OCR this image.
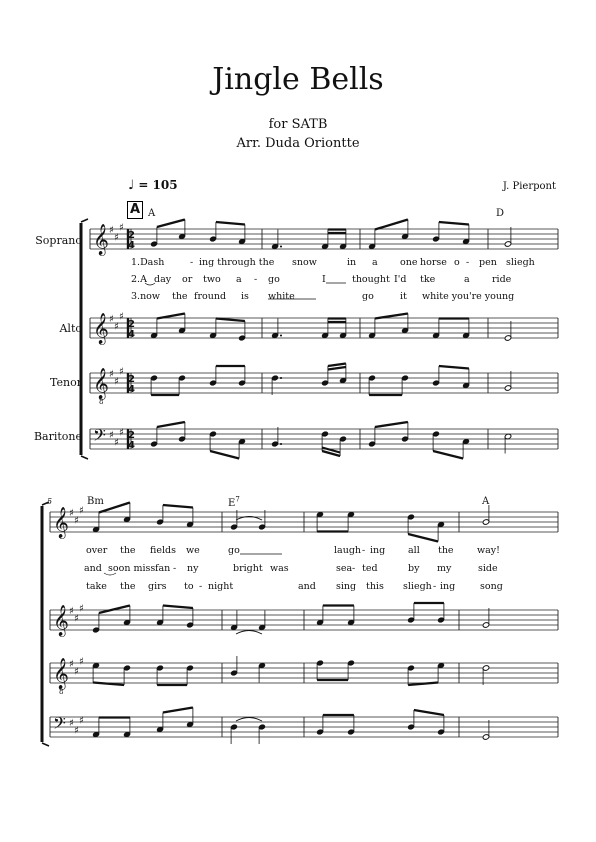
Jingle Bells
for SATB
Arr. Duda Oriontte
J. Pierpont
♩ = 105
A
Soprano
Alto
Tenor
Baritone
A	D
5	Bm	$E^7$	A
1.Dash	- ing through the snow	in a one horse o - pen sliegh
2.A day or two a - go	I	thought I'd tke	a ride
3.now the fround is white	go	it white you're young
over the fields we	go	laugh - ing all the way!
and soon miss fan - ny	bright was	sea - ted	by my	side
take the girs to - night	and sing this sliegh - ing	song
𝄞 ♯
♯
♯
2
4
𝄞 ♯
♯
♯
2
4
𝄞
8
♯
♯
♯
2
4
𝄢 ♯
♯
♯ 2
4
𝄞 ♯
♯
♯
𝄞 ♯
♯
♯
𝄞
8
♯
♯
♯
𝄢 ♯
♯
♯
